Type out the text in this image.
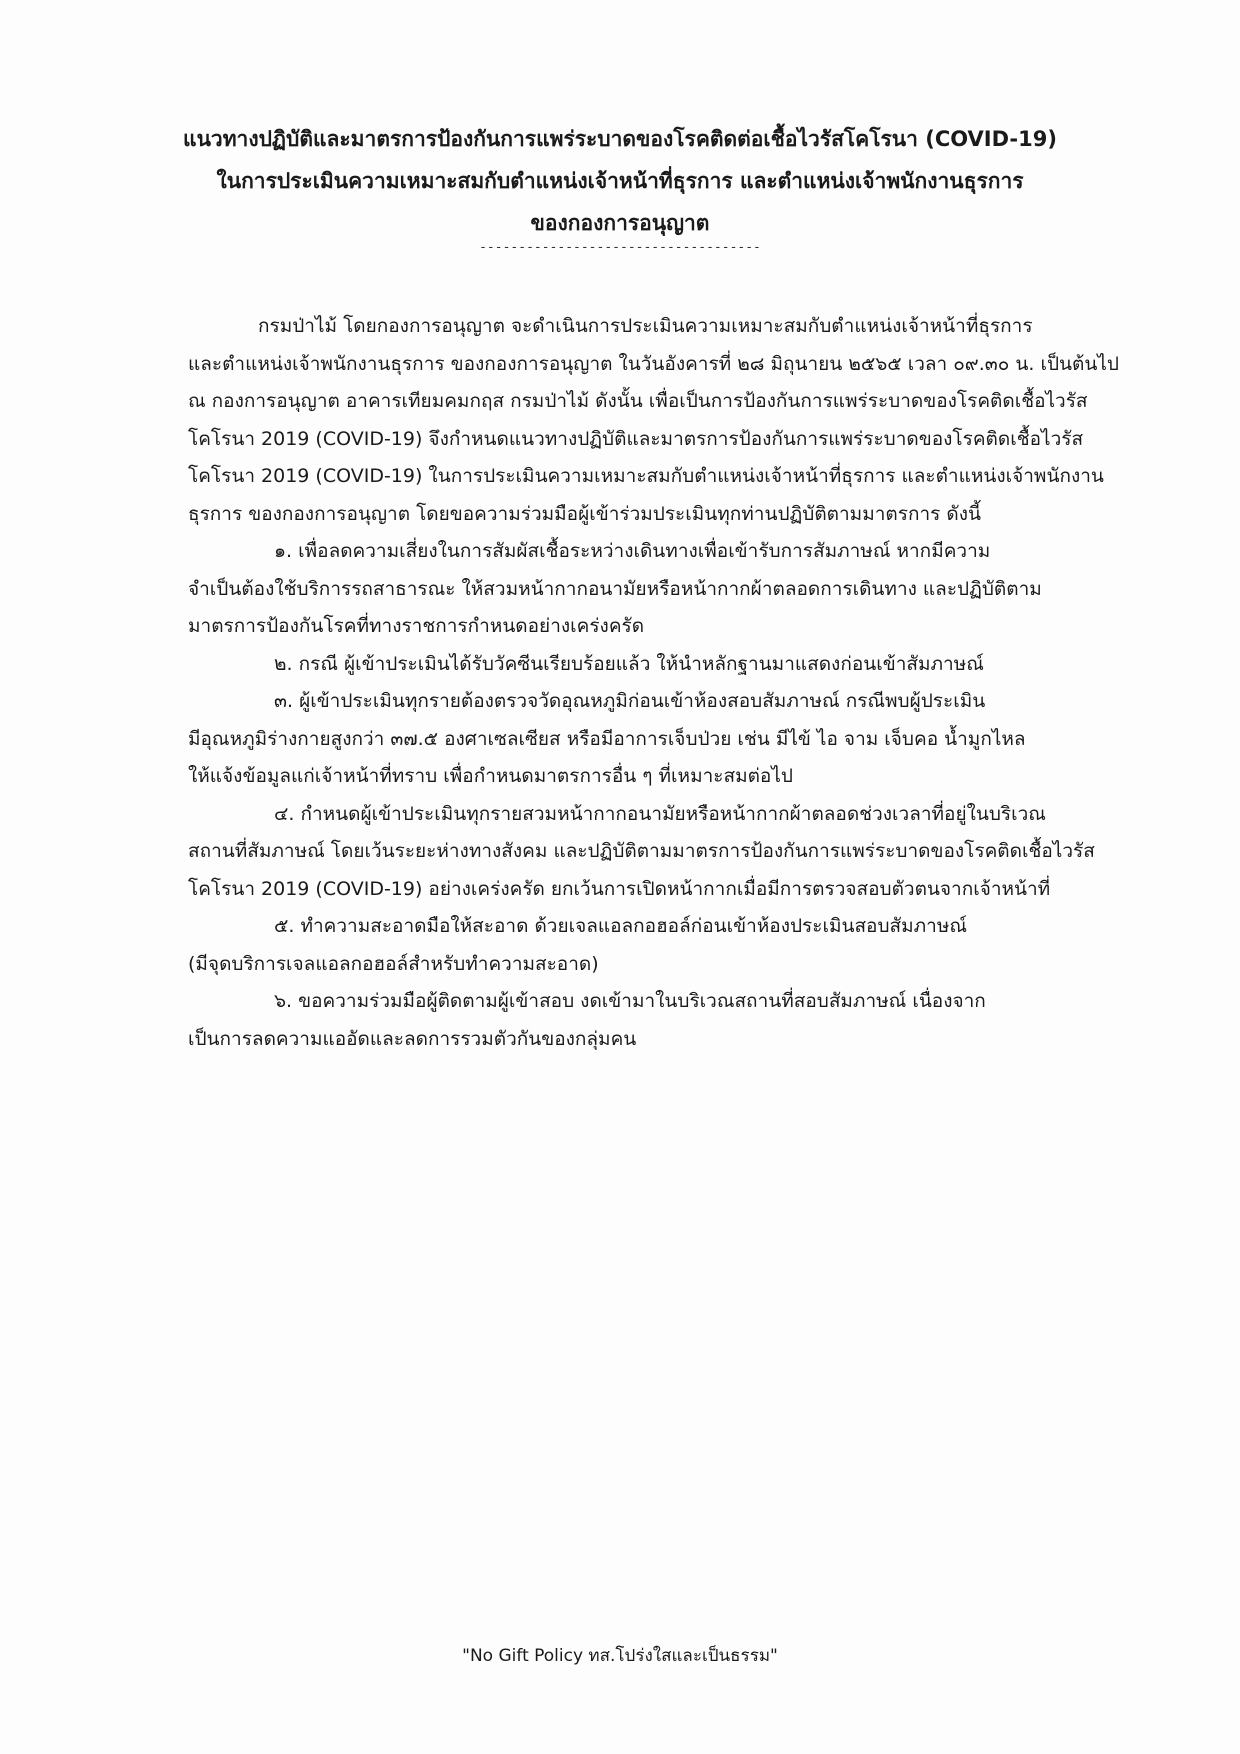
แนวทางปฏิบัติและมาตรการป้องกันการแพร่ระบาดของโรคติดต่อเชื้อไวรัสโคโรนา (COVID-19)
ในการประเมินความเหมาะสมกับตำแหน่งเจ้าหน้าที่ธุรการ และตำแหน่งเจ้าพนักงานธุรการ
ของกองการอนุญาต
------------------------------------
กรมป่าไม้ โดยกองการอนุญาต จะดำเนินการประเมินความเหมาะสมกับตำแหน่งเจ้าหน้าที่ธุรการ
และตำแหน่งเจ้าพนักงานธุรการ ของกองการอนุญาต ในวันอังคารที่ ๒๘ มิถุนายน ๒๕๖๕ เวลา ๐๙.๓๐ น. เป็นต้นไป
ณ กองการอนุญาต อาคารเทียมคมกฤส กรมป่าไม้ ดังนั้น เพื่อเป็นการป้องกันการแพร่ระบาดของโรคติดเชื้อไวรัส
โคโรนา 2019 (COVID-19) จึงกำหนดแนวทางปฏิบัติและมาตรการป้องกันการแพร่ระบาดของโรคติดเชื้อไวรัส
โคโรนา 2019 (COVID-19) ในการประเมินความเหมาะสมกับตำแหน่งเจ้าหน้าที่ธุรการ และตำแหน่งเจ้าพนักงาน
ธุรการ ของกองการอนุญาต โดยขอความร่วมมือผู้เข้าร่วมประเมินทุกท่านปฏิบัติตามมาตรการ ดังนี้
๑. เพื่อลดความเสี่ยงในการสัมผัสเชื้อระหว่างเดินทางเพื่อเข้ารับการสัมภาษณ์ หากมีความ
จำเป็นต้องใช้บริการรถสาธารณะ ให้สวมหน้ากากอนามัยหรือหน้ากากผ้าตลอดการเดินทาง และปฏิบัติตาม
มาตรการป้องกันโรคที่ทางราชการกำหนดอย่างเคร่งครัด
๒. กรณี ผู้เข้าประเมินได้รับวัคซีนเรียบร้อยแล้ว ให้นำหลักฐานมาแสดงก่อนเข้าสัมภาษณ์
๓. ผู้เข้าประเมินทุกรายต้องตรวจวัดอุณหภูมิก่อนเข้าห้องสอบสัมภาษณ์ กรณีพบผู้ประเมิน
มีอุณหภูมิร่างกายสูงกว่า ๓๗.๕ องศาเซลเซียส หรือมีอาการเจ็บป่วย เช่น มีไข้ ไอ จาม เจ็บคอ น้ำมูกไหล
ให้แจ้งข้อมูลแก่เจ้าหน้าที่ทราบ เพื่อกำหนดมาตรการอื่น ๆ ที่เหมาะสมต่อไป
๔. กำหนดผู้เข้าประเมินทุกรายสวมหน้ากากอนามัยหรือหน้ากากผ้าตลอดช่วงเวลาที่อยู่ในบริเวณ
สถานที่สัมภาษณ์ โดยเว้นระยะห่างทางสังคม และปฏิบัติตามมาตรการป้องกันการแพร่ระบาดของโรคติดเชื้อไวรัส
โคโรนา 2019 (COVID-19) อย่างเคร่งครัด ยกเว้นการเปิดหน้ากากเมื่อมีการตรวจสอบตัวตนจากเจ้าหน้าที่
๕. ทำความสะอาดมือให้สะอาด ด้วยเจลแอลกอฮอล์ก่อนเข้าห้องประเมินสอบสัมภาษณ์
(มีจุดบริการเจลแอลกอฮอล์สำหรับทำความสะอาด)
๖. ขอความร่วมมือผู้ติดตามผู้เข้าสอบ งดเข้ามาในบริเวณสถานที่สอบสัมภาษณ์ เนื่องจาก
เป็นการลดความแออัดและลดการรวมตัวกันของกลุ่มคน
"No Gift Policy ทส.โปร่งใสและเป็นธรรม"
